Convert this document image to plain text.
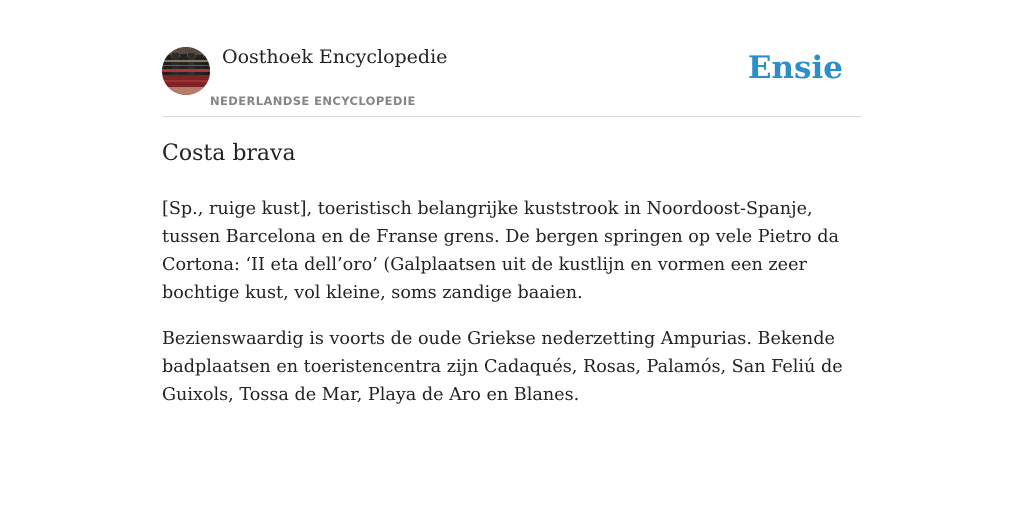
Oosthoek Encyclopedie
NEDERLANDSE ENCYCLOPEDIE
Ensie
Costa brava

[Sp., ruige kust], toeristisch belangrijke kuststrook in Noordoost-Spanje, tussen Barcelona en de Franse grens. De bergen springen op vele Pietro da Cortona: ‘II eta dell’oro’ (Galplaatsen uit de kustlijn en vormen een zeer bochtige kust, vol kleine, soms zandige baaien.

Bezienswaardig is voorts de oude Griekse nederzetting Ampurias. Bekende badplaatsen en toeristencentra zijn Cadaqués, Rosas, Palamós, San Feliú de Guixols, Tossa de Mar, Playa de Aro en Blanes.
